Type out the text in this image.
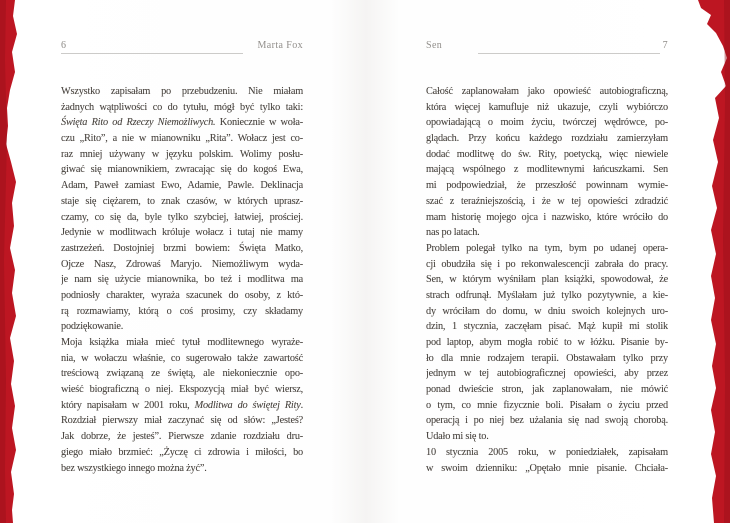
6	Marta Fox
Wszystko zapisałam po przebudzeniu. Nie miałam
żadnych wątpliwości co do tytułu, mógł być tylko taki:
Święta Rito od Rzeczy Niemożliwych. Koniecznie w woła-
czu „Rito”, a nie w mianowniku „Rita”. Wołacz jest co-
raz mniej używany w języku polskim. Wolimy posłu-
giwać się mianownikiem, zwracając się do kogoś Ewa,
Adam, Paweł zamiast Ewo, Adamie, Pawle. Deklinacja
staje się ciężarem, to znak czasów, w których uprasz-
czamy, co się da, byle tylko szybciej, łatwiej, prościej.
Jedynie w modlitwach króluje wołacz i tutaj nie mamy
zastrzeżeń. Dostojniej brzmi bowiem: Święta Matko,
Ojcze Nasz, Zdrowaś Maryjo. Niemożliwym wyda-
je nam się użycie mianownika, bo też i modlitwa ma
podniosły charakter, wyraża szacunek do osoby, z któ-
rą rozmawiamy, którą o coś prosimy, czy składamy
podziękowanie.
Moja książka miała mieć tytuł modlitewnego wyraże-
nia, w wołaczu właśnie, co sugerowało także zawartość
treściową związaną ze świętą, ale niekoniecznie opo-
wieść biograficzną o niej. Ekspozycją miał być wiersz,
który napisałam w 2001 roku, Modlitwa do świętej Rity.
Rozdział pierwszy miał zaczynać się od słów: „Jesteś?
Jak dobrze, że jesteś”. Pierwsze zdanie rozdziału dru-
giego miało brzmieć: „Życzę ci zdrowia i miłości, bo
bez wszystkiego innego można żyć”.
Sen	7
Całość zaplanowałam jako opowieść autobiograficzną,
która więcej kamufluje niż ukazuje, czyli wybiórczo
opowiadającą o moim życiu, twórczej wędrówce, po-
glądach. Przy końcu każdego rozdziału zamierzyłam
dodać modlitwę do św. Rity, poetycką, więc niewiele
mającą wspólnego z modlitewnymi łańcuszkami. Sen
mi podpowiedział, że przeszłość powinnam wymie-
szać z teraźniejszością, i że w tej opowieści zdradzić
mam historię mojego ojca i nazwisko, które wróciło do
nas po latach.
Problem polegał tylko na tym, bym po udanej opera-
cji obudziła się i po rekonwalescencji zabrała do pracy.
Sen, w którym wyśniłam plan książki, spowodował, że
strach odfrunął. Myślałam już tylko pozytywnie, a kie-
dy wróciłam do domu, w dniu swoich kolejnych uro-
dzin, 1 stycznia, zaczęłam pisać. Mąż kupił mi stolik
pod laptop, abym mogła robić to w łóżku. Pisanie by-
ło dla mnie rodzajem terapii. Obstawałam tylko przy
jednym w tej autobiograficznej opowieści, aby przez
ponad dwieście stron, jak zaplanowałam, nie mówić
o tym, co mnie fizycznie boli. Pisałam o życiu przed
operacją i po niej bez użalania się nad swoją chorobą.
Udało mi się to.
10 stycznia 2005 roku, w poniedziałek, zapisałam
w swoim dzienniku: „Opętało mnie pisanie. Chciała-
